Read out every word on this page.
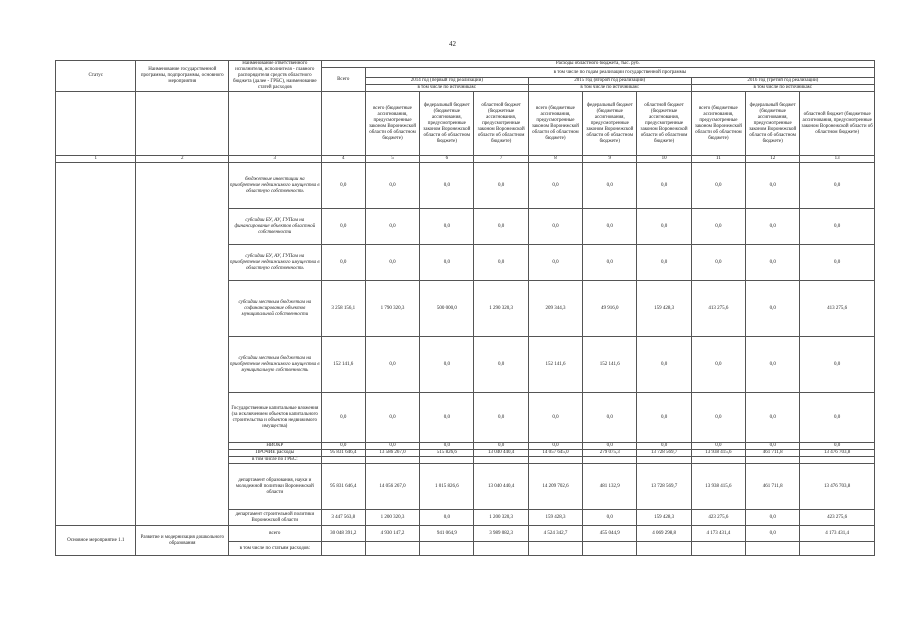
42
Статус	Наименование государственной программы, подпрограммы, основного мероприятия	Наименование ответственного исполнителя, исполнителя - главного распорядителя средств областного бюджета (далее - ГРБС), наименование статей расходов	Расходы областного бюджета, тыс. руб.									
			Всего	в том числе по годам реализации государственной программы								
				2014 год (первый год реализации)			2015 год (второй год реализации)			2016 год (третий год реализации)		
				в том числе по источникам:			в том числе по источникам:			в том числе по источникам:		
				всего (бюджетные ассигнования, предусмотренные законом Воронежской области об областном бюджете)	федеральный бюджет (бюджетные ассигнования, предусмотренные законом Воронежской области об областном бюджете)	областной бюджет (бюджетные ассигнования, предусмотренные законом Воронежской области об областном бюджете)	всего (бюджетные ассигнования, предусмотренные законом Воронежской области об областном бюджете)	федеральный бюджет (бюджетные ассигнования, предусмотренные законом Воронежской области об областном бюджете)	областной бюджет (бюджетные ассигнования, предусмотренные законом Воронежской области об областном бюджете)	всего (бюджетные ассигнования, предусмотренные законом Воронежской области об областном бюджете)	федеральный бюджет (бюджетные ассигнования, предусмотренные законом Воронежской области об областном бюджете)	областной бюджет (бюджетные ассигнования, предусмотренные законом Воронежской области об областном бюджете)
1	2	3	4	5	6	7	8	9	10	11	12	13
		бюджетные инвестиции на приобретение недвижимого имущества в областную собственность	0,0	0,0	0,0	0,0	0,0	0,0	0,0	0,0	0,0	0,0
		субсидии БУ, АУ, ГУПам на финансирование объектов областной собственности	0,0	0,0	0,0	0,0	0,0	0,0	0,0	0,0	0,0	0,0
		субсидии БУ, АУ, ГУПам на приобретение недвижимого имущества в областную собственность	0,0	0,0	0,0	0,0	0,0	0,0	0,0	0,0	0,0	0,0
		субсидии местным бюджетам на софинансирование объектов муниципальной собственности	3 258 156,1	1 790 320,3	500 000,0	1 290 320,3	209 344,3	49 916,0	159 428,3	413 275,6	0,0	413 275,6
		субсидии местным бюджетам на приобретение недвижимого имущества в муниципальную собственность	152 141,6	0,0	0,0	0,0	152 141,6	152 141,6	0,0	0,0	0,0	0,0
		Государственные капитальные вложения (за исключением объектов капитального строительства и объектов недвижимого имущества)	0,0	0,0	0,0	0,0	0,0	0,0	0,0	0,0	0,0	0,0
		НИОКР	0,0	0,0	0,0	0,0	0,0	0,0	0,0	0,0	0,0	0,0
		ПРОЧИЕ расходы	95 831 646,4	13 586 267,0	515 826,6	13 040 440,4	14 057 645,0	279 075,3	13 728 569,7	13 938 415,6	461 711,8	13 476 703,8
		в том числе по ГРБС:										
		департамент образования, науки и молодежной политики Воронежской области	95 831 646,4	14 056 267,0	1 015 826,6	13 040 440,4	14 209 702,6	481 132,9	13 728 569,7	13 938 415,6	461 711,8	13 476 703,8
		департамент строительной политики Воронежской области	3 447 563,8	1 200 320,3	0,0	1 200 320,3	159 428,3	0,0	159 428,3	423 275,6	0,0	423 275,6
Основное мероприятие 1.1	Развитие и модернизация дошкольного образования	всего	30 048 391,2	4 930 147,2	941 064,9	3 989 082,3	4 524 342,7	455 044,9	4 069 298,8	4 173 431,4	0,0	4 173 431,4
		в том числе по статьям расходов:										
